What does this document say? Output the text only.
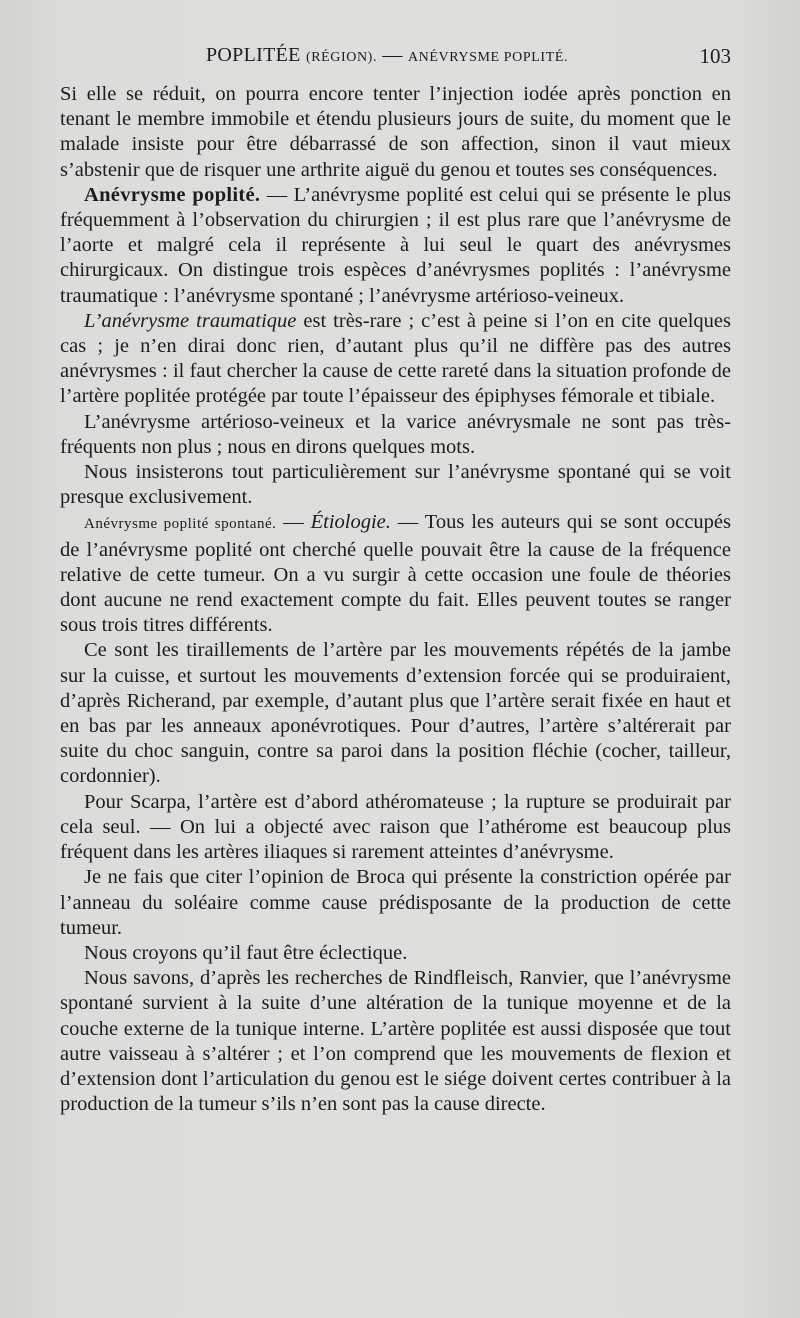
POPLITÉE (RÉGION). — ANÉVRYSME POPLITÉ.	103

Si elle se réduit, on pourra encore tenter l’injection iodée après ponction en tenant le membre immobile et étendu plusieurs jours de suite, du moment que le malade insiste pour être débarrassé de son affection, sinon il vaut mieux s’abstenir que de risquer une arthrite aiguë du genou et toutes ses conséquences.

Anévrysme poplité. — L’anévrysme poplité est celui qui se présente le plus fréquemment à l’observation du chirurgien ; il est plus rare que l’anévrysme de l’aorte et malgré cela il représente à lui seul le quart des anévrysmes chirurgicaux. On distingue trois espèces d’anévrysmes poplités : l’anévrysme traumatique : l’anévrysme spontané ; l’anévrysme artérioso-veineux.

L’anévrysme traumatique est très-rare ; c’est à peine si l’on en cite quelques cas ; je n’en dirai donc rien, d’autant plus qu’il ne diffère pas des autres anévrysmes : il faut chercher la cause de cette rareté dans la situation profonde de l’artère poplitée protégée par toute l’épaisseur des épiphyses fémorale et tibiale.

L’anévrysme artérioso-veineux et la varice anévrysmale ne sont pas très-fréquents non plus ; nous en dirons quelques mots.

Nous insisterons tout particulièrement sur l’anévrysme spontané qui se voit presque exclusivement.

Anévrysme poplité spontané. — Étiologie. — Tous les auteurs qui se sont occupés de l’anévrysme poplité ont cherché quelle pouvait être la cause de la fréquence relative de cette tumeur. On a vu surgir à cette occasion une foule de théories dont aucune ne rend exactement compte du fait. Elles peuvent toutes se ranger sous trois titres différents.

Ce sont les tiraillements de l’artère par les mouvements répétés de la jambe sur la cuisse, et surtout les mouvements d’extension forcée qui se produiraient, d’après Richerand, par exemple, d’autant plus que l’artère serait fixée en haut et en bas par les anneaux aponévrotiques. Pour d’autres, l’artère s’altérerait par suite du choc sanguin, contre sa paroi dans la position fléchie (cocher, tailleur, cordonnier).

Pour Scarpa, l’artère est d’abord athéromateuse ; la rupture se produirait par cela seul. — On lui a objecté avec raison que l’athérome est beaucoup plus fréquent dans les artères iliaques si rarement atteintes d’anévrysme.

Je ne fais que citer l’opinion de Broca qui présente la constriction opérée par l’anneau du soléaire comme cause prédisposante de la production de cette tumeur.

Nous croyons qu’il faut être éclectique.

Nous savons, d’après les recherches de Rindfleisch, Ranvier, que l’anévrysme spontané survient à la suite d’une altération de la tunique moyenne et de la couche externe de la tunique interne. L’artère poplitée est aussi disposée que tout autre vaisseau à s’altérer ; et l’on comprend que les mouvements de flexion et d’extension dont l’articulation du genou est le siége doivent certes contribuer à la production de la tumeur s’ils n’en sont pas la cause directe.
